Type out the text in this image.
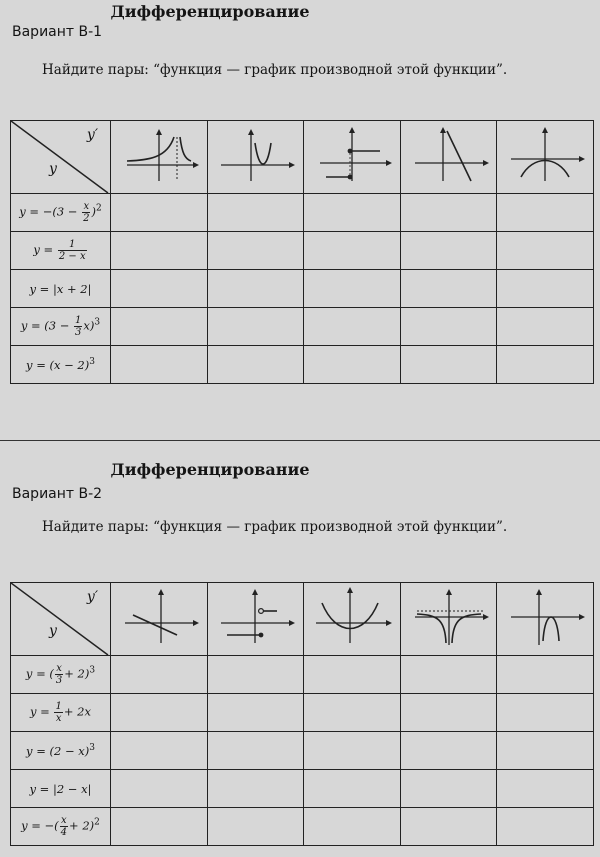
Дифференцирование
Вариант В-1
Найдите пары: “функция — график производной этой функции”.
y′
y

$y = -(3 - \frac{x}{2} )^2$					
$y = \frac{1}{2 - x}$

y = |x + 2|					
$y = (3 - \frac{1}{3} x)^3$					
$y = (x - 2)^3$					
Дифференцирование
Вариант В-2
Найдите пары: “функция — график производной этой функции”.
y′
y

y = ( $\frac{x}{3} + 2)^3$					
$y = \frac{1}{x} + 2x$					
$y = (2 - x)^3$					
y = |2 − x|					
y = −( $\frac{x}{4} + 2)^2$					
